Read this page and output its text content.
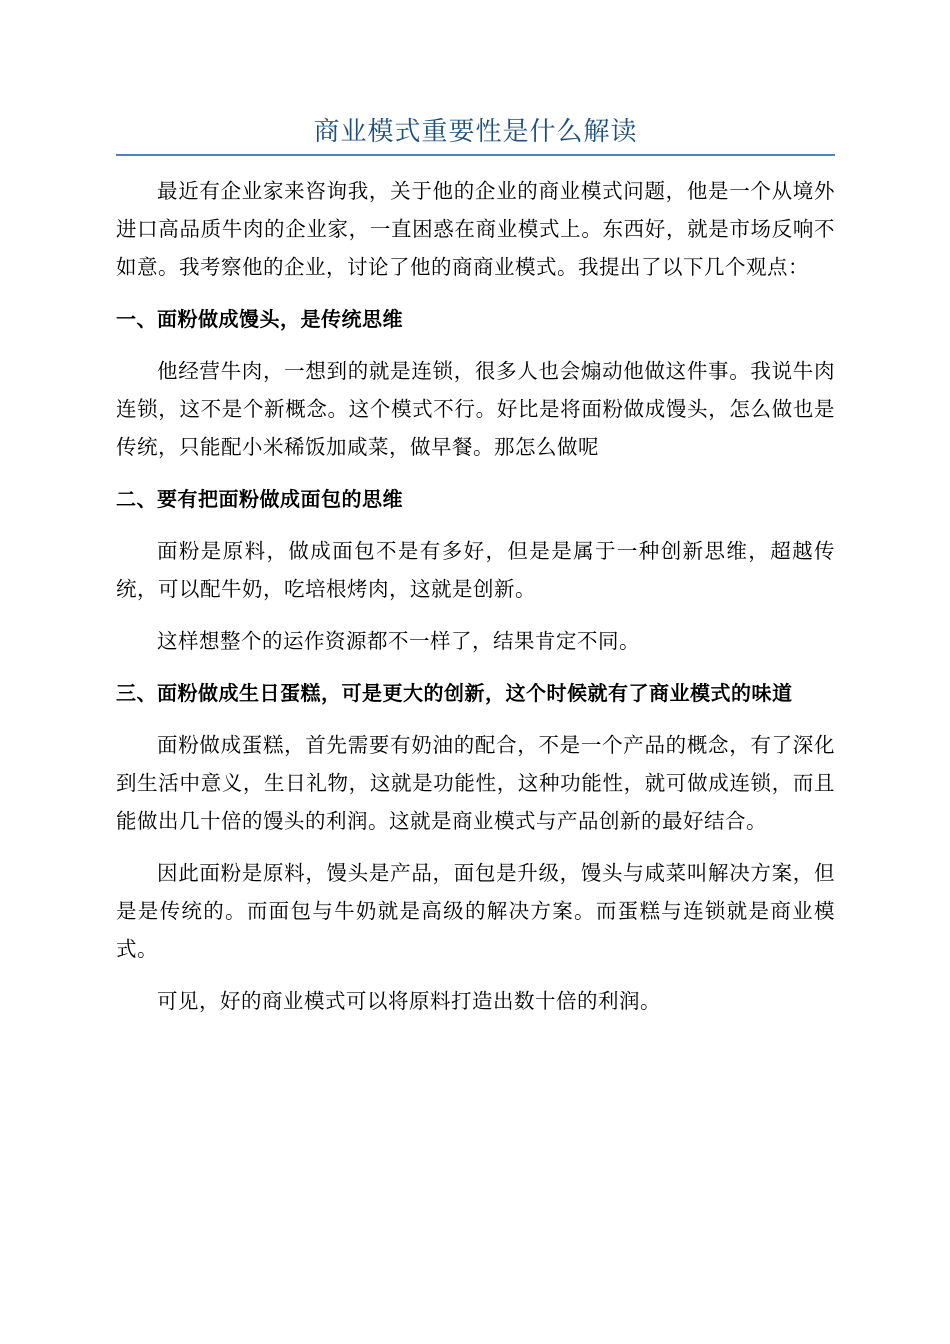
商业模式重要性是什么解读

最近有企业家来咨询我，关于他的企业的商业模式问题，他是一个从境外进口高品质牛肉的企业家，一直困惑在商业模式上。东西好，就是市场反响不如意。我考察他的企业，讨论了他的商商业模式。我提出了以下几个观点：

一、面粉做成馒头，是传统思维

他经营牛肉，一想到的就是连锁，很多人也会煽动他做这件事。我说牛肉连锁，这不是个新概念。这个模式不行。好比是将面粉做成馒头，怎么做也是传统，只能配小米稀饭加咸菜，做早餐。那怎么做呢

二、要有把面粉做成面包的思维

面粉是原料，做成面包不是有多好，但是是属于一种创新思维，超越传统，可以配牛奶，吃培根烤肉，这就是创新。

这样想整个的运作资源都不一样了，结果肯定不同。

三、面粉做成生日蛋糕，可是更大的创新，这个时候就有了商业模式的味道

面粉做成蛋糕，首先需要有奶油的配合，不是一个产品的概念，有了深化到生活中意义，生日礼物，这就是功能性，这种功能性，就可做成连锁，而且能做出几十倍的馒头的利润。这就是商业模式与产品创新的最好结合。

因此面粉是原料，馒头是产品，面包是升级，馒头与咸菜叫解决方案，但是是传统的。而面包与牛奶就是高级的解决方案。而蛋糕与连锁就是商业模式。

可见，好的商业模式可以将原料打造出数十倍的利润。
